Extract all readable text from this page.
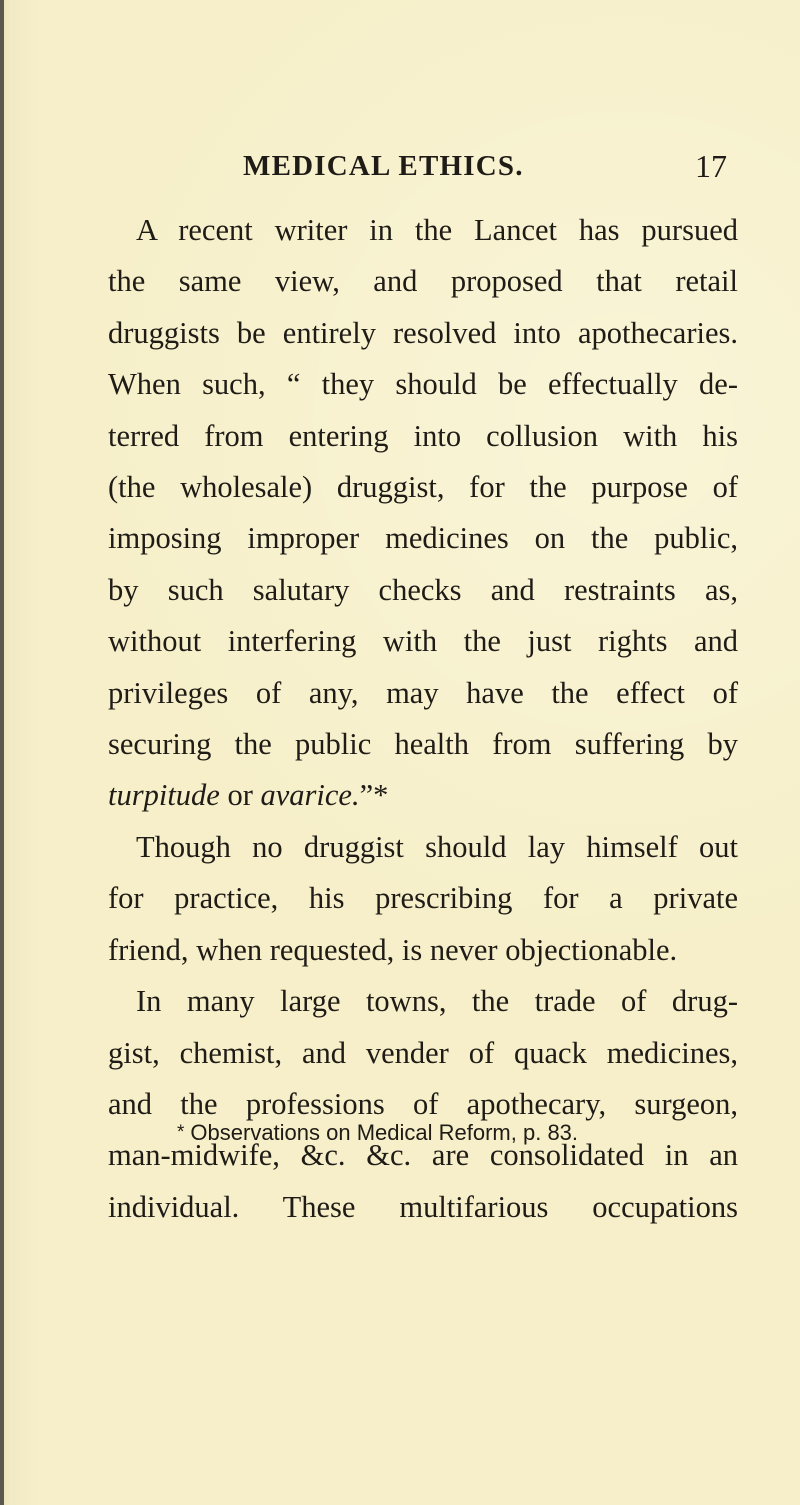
MEDICAL ETHICS.	17
A recent writer in the Lancet has pursued
the same view, and proposed that retail
druggists be entirely resolved into apothecaries.
When such, “ they should be effectually de-
terred from entering into collusion with his
(the wholesale) druggist, for the purpose of
imposing improper medicines on the public,
by such salutary checks and restraints as,
without interfering with the just rights and
privileges of any, may have the effect of
securing the public health from suffering by
turpitude or avarice.”*
Though no druggist should lay himself out
for practice, his prescribing for a private
friend, when requested, is never objectionable.
In many large towns, the trade of drug-
gist, chemist, and vender of quack medicines,
and the professions of apothecary, surgeon,
man-midwife, &c. &c. are consolidated in an
individual. These multifarious occupations
* Observations on Medical Reform, p. 83.
